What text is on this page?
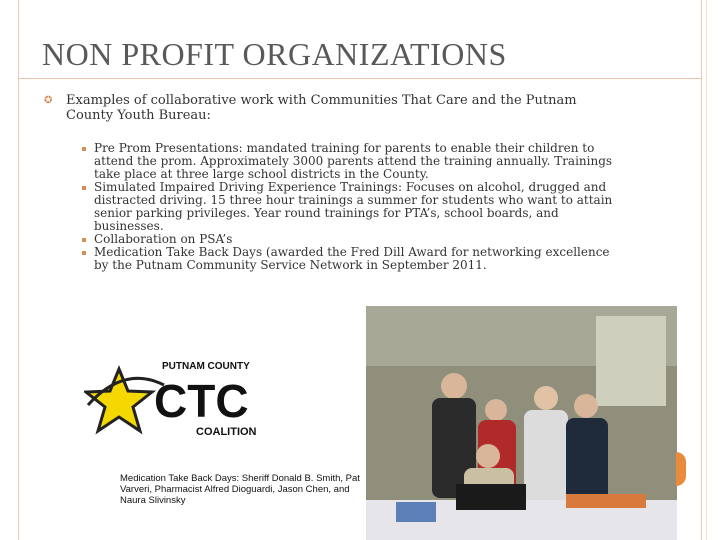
NON PROFIT ORGANIZATIONS
✪ Examples of collaborative work with Communities That Care and the Putnam County Youth Bureau:
Pre Prom Presentations: mandated training for parents to enable their children to attend the prom. Approximately 3000 parents attend the training annually. Trainings take place at three large school districts in the County.
Simulated Impaired Driving Experience Trainings: Focuses on alcohol, drugged and distracted driving. 15 three hour trainings a summer for students who want to attain senior parking privileges. Year round trainings for PTA’s, school boards, and businesses.
Collaboration on PSA’s
Medication Take Back Days (awarded the Fred Dill Award for networking excellence by the Putnam Community Service Network in September 2011.
PUTNAM COUNTY
CTC
COALITION
Medication Take Back Days: Sheriff Donald B. Smith, Pat Varveri, Pharmacist Alfred Dioguardi, Jason Chen, and Naura Slivinsky
